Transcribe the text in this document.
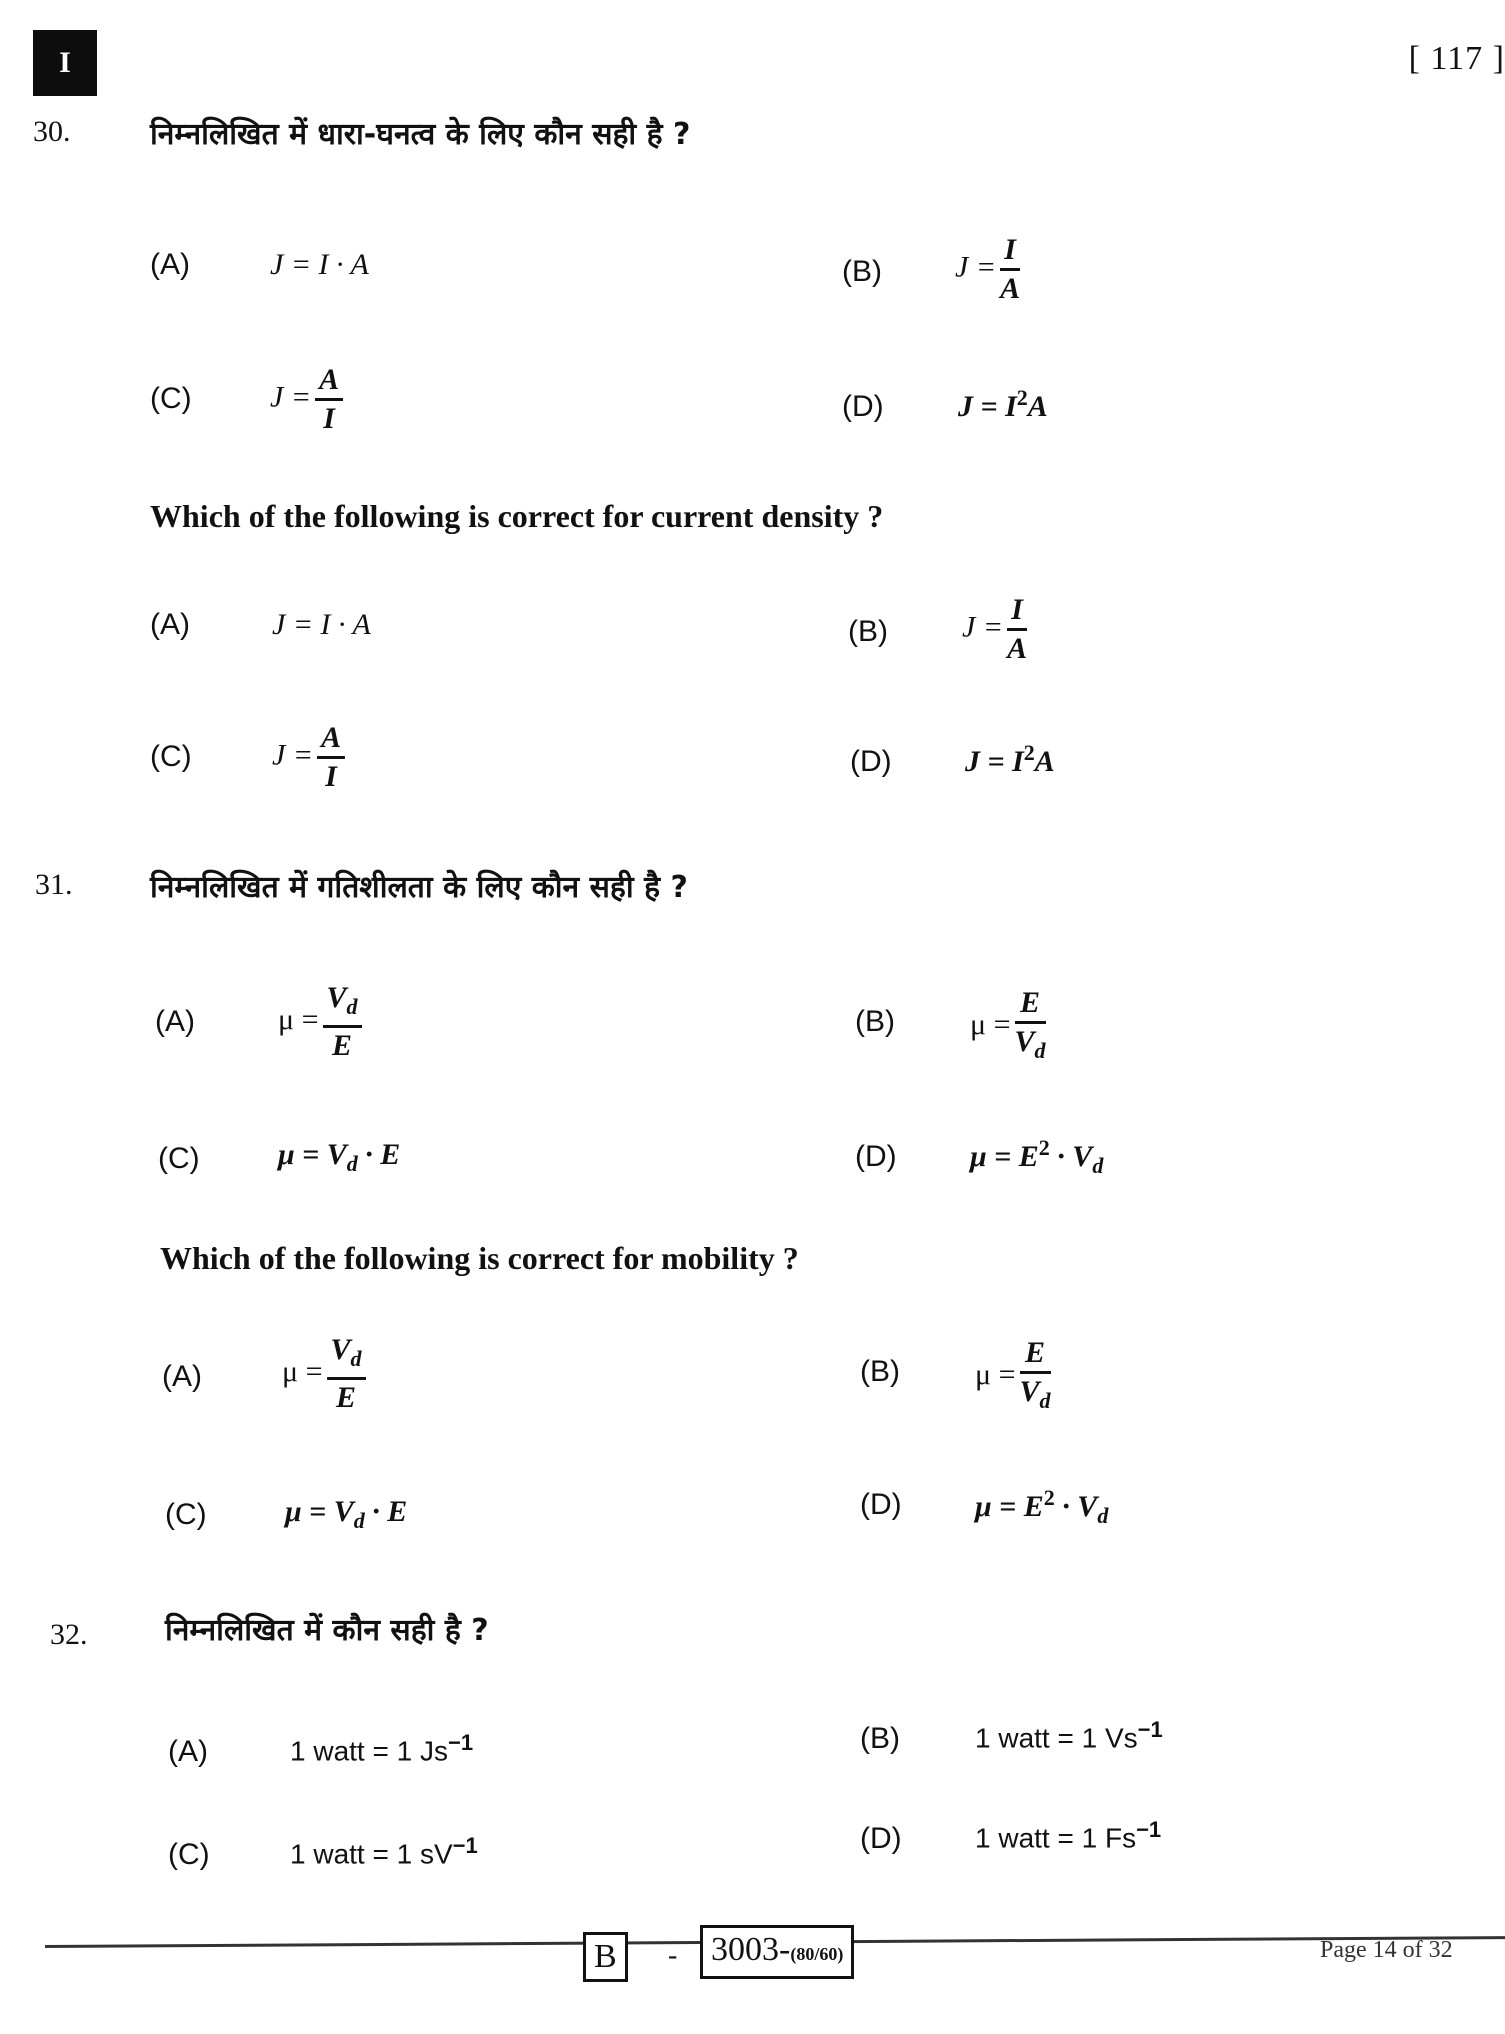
I	[ 117 ]
30.	निम्नलिखित में धारा-घनत्व के लिए कौन सही है ?
(A)	J = I · A	(B) $J = \frac{I}{A}$
(C)	$J = \frac{A}{I}$	(D) $J = I^2A$
Which of the following is correct for current density ?
(A)	J = I · A	(B) $J = \frac{I}{A}$
(C)	$J = \frac{A}{I}$	(D) $J = I^2A$
31.	निम्नलिखित में गतिशीलता के लिए कौन सही है ?
(A)	$\mu = \frac{V_d}{E}$	(B)	$\mu = \frac{E}{V_d}$
(C)	$\mu = V_d \cdot E$	(D) $\mu = E^2 \cdot V_d$
Which of the following is correct for mobility ?
(A)	$\mu = \frac{V_d}{E}$	(B)	$\mu = \frac{E}{V_d}$
(C)	$\mu = V_d \cdot E$	(D) $\mu = E^2 \cdot V_d$
32.	निम्नलिखित में कौन सही है ?
(A)	1 watt = 1 $Js^{-1}$	(B)	1 watt = 1 $Vs^{-1}$
(C)	1 watt = 1 $sV^{-1}$	(D)	1 watt = 1 $Fs^{-1}$
B	- 3003-(80/60)	Page 14 of 32
